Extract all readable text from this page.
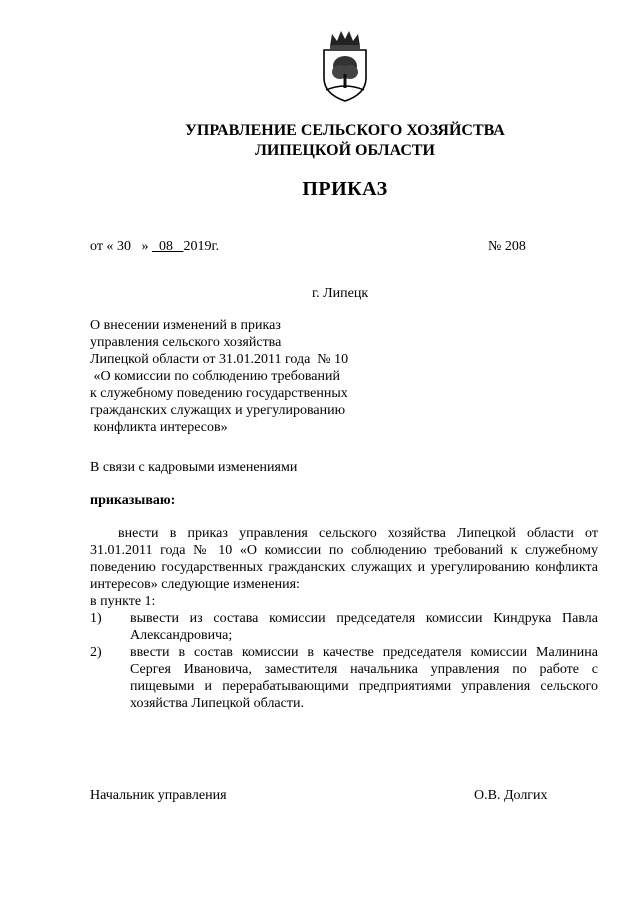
УПРАВЛЕНИЕ СЕЛЬСКОГО ХОЗЯЙСТВА
ЛИПЕЦКОЙ ОБЛАСТИ
ПРИКАЗ
от « 30 » 08 2019г.	№ 208
г. Липецк
О внесении изменений в приказ
управления сельского хозяйства
Липецкой области от 31.01.2011 года  № 10
«О комиссии по соблюдению требований
к служебному поведению государственных
гражданских служащих и урегулированию
конфликта интересов»
В связи с кадровыми изменениями
приказываю:
внести в приказ управления сельского хозяйства Липецкой области от 31.01.2011 года № 10 «О комиссии по соблюдению требований к служебному поведению государственных гражданских служащих и урегулированию конфликта интересов» следующие изменения:
в пункте 1:
1)	вывести из состава комиссии председателя комиссии Киндрука Павла Александровича;
2)	ввести в состав комиссии в качестве председателя комиссии Малинина Сергея Ивановича, заместителя начальника управления по работе с пищевыми и перерабатывающими предприятиями управления сельского хозяйства Липецкой области.
Начальник управления	О.В. Долгих
